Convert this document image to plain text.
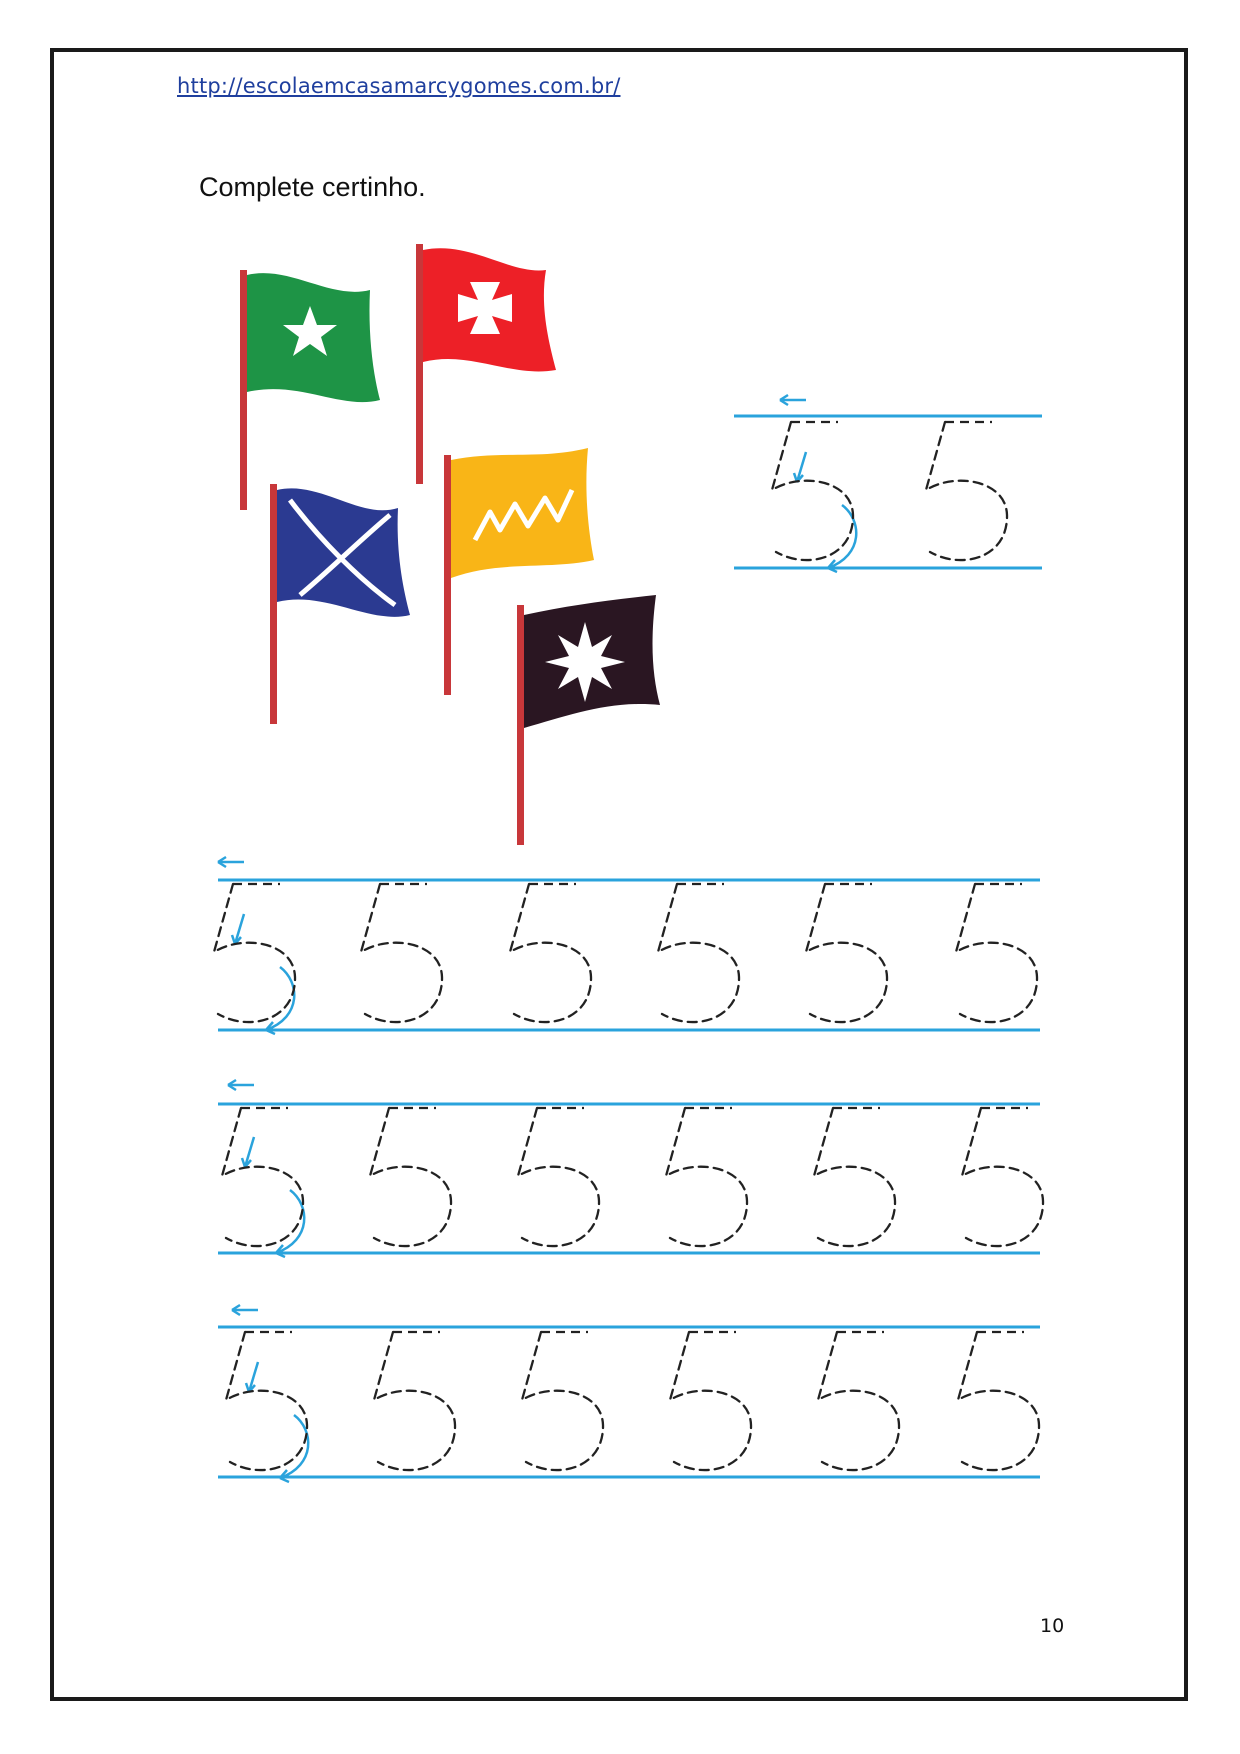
http://escolaemcasamarcygomes.com.br/
Complete certinho.
10
